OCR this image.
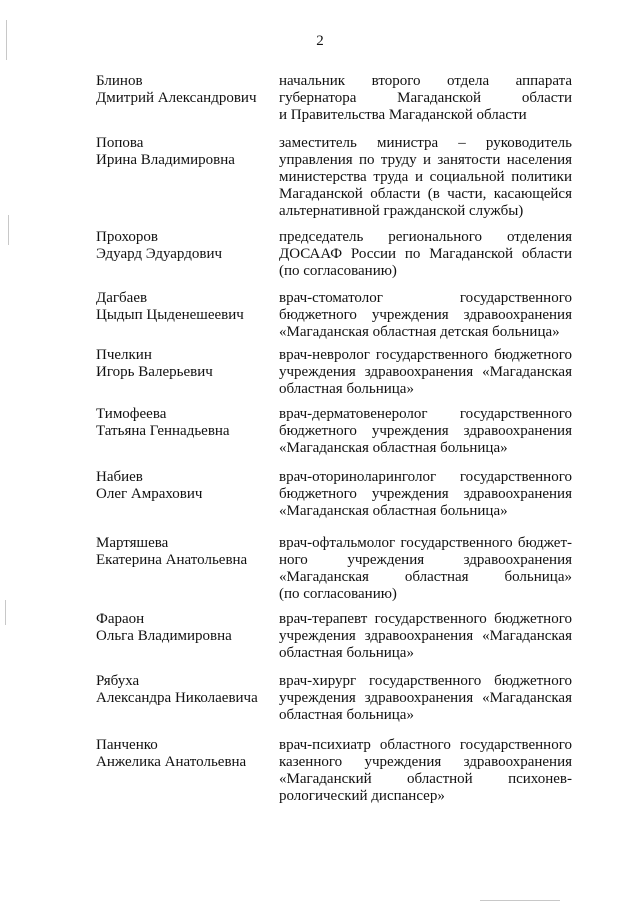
2
Блинов
Дмитрий Александрович
начальник второго отдела аппарата
губернатора Магаданской области
и Правительства Магаданской области
Попова
Ирина Владимировна
заместитель министра – руководитель
управления по труду и занятости населения
министерства труда и социальной политики
Магаданской области (в части, касающейся
альтернативной гражданской службы)
Прохоров
Эдуард Эдуардович
председатель регионального отделения
ДОСААФ России по Магаданской области
(по согласованию)
Дагбаев
Цыдып Цыденешеевич
врач-стоматолог государственного
бюджетного учреждения здравоохранения
«Магаданская областная детская больница»
Пчелкин
Игорь Валерьевич
врач-невролог государственного бюджетного
учреждения здравоохранения «Магаданская
областная больница»
Тимофеева
Татьяна Геннадьевна
врач-дерматовенеролог государственного
бюджетного учреждения здравоохранения
«Магаданская областная больница»
Набиев
Олег Амрахович
врач-оториноларинголог государственного
бюджетного учреждения здравоохранения
«Магаданская областная больница»
Мартяшева
Екатерина Анатольевна
врач-офтальмолог государственного бюджет-
ного учреждения здравоохранения
«Магаданская областная больница»
(по согласованию)
Фараон
Ольга Владимировна
врач-терапевт государственного бюджетного
учреждения здравоохранения «Магаданская
областная больница»
Рябуха
Александра Николаевича
врач-хирург государственного бюджетного
учреждения здравоохранения «Магаданская
областная больница»
Панченко
Анжелика Анатольевна
врач-психиатр областного государственного
казенного учреждения здравоохранения
«Магаданский областной психонев-
рологический диспансер»
